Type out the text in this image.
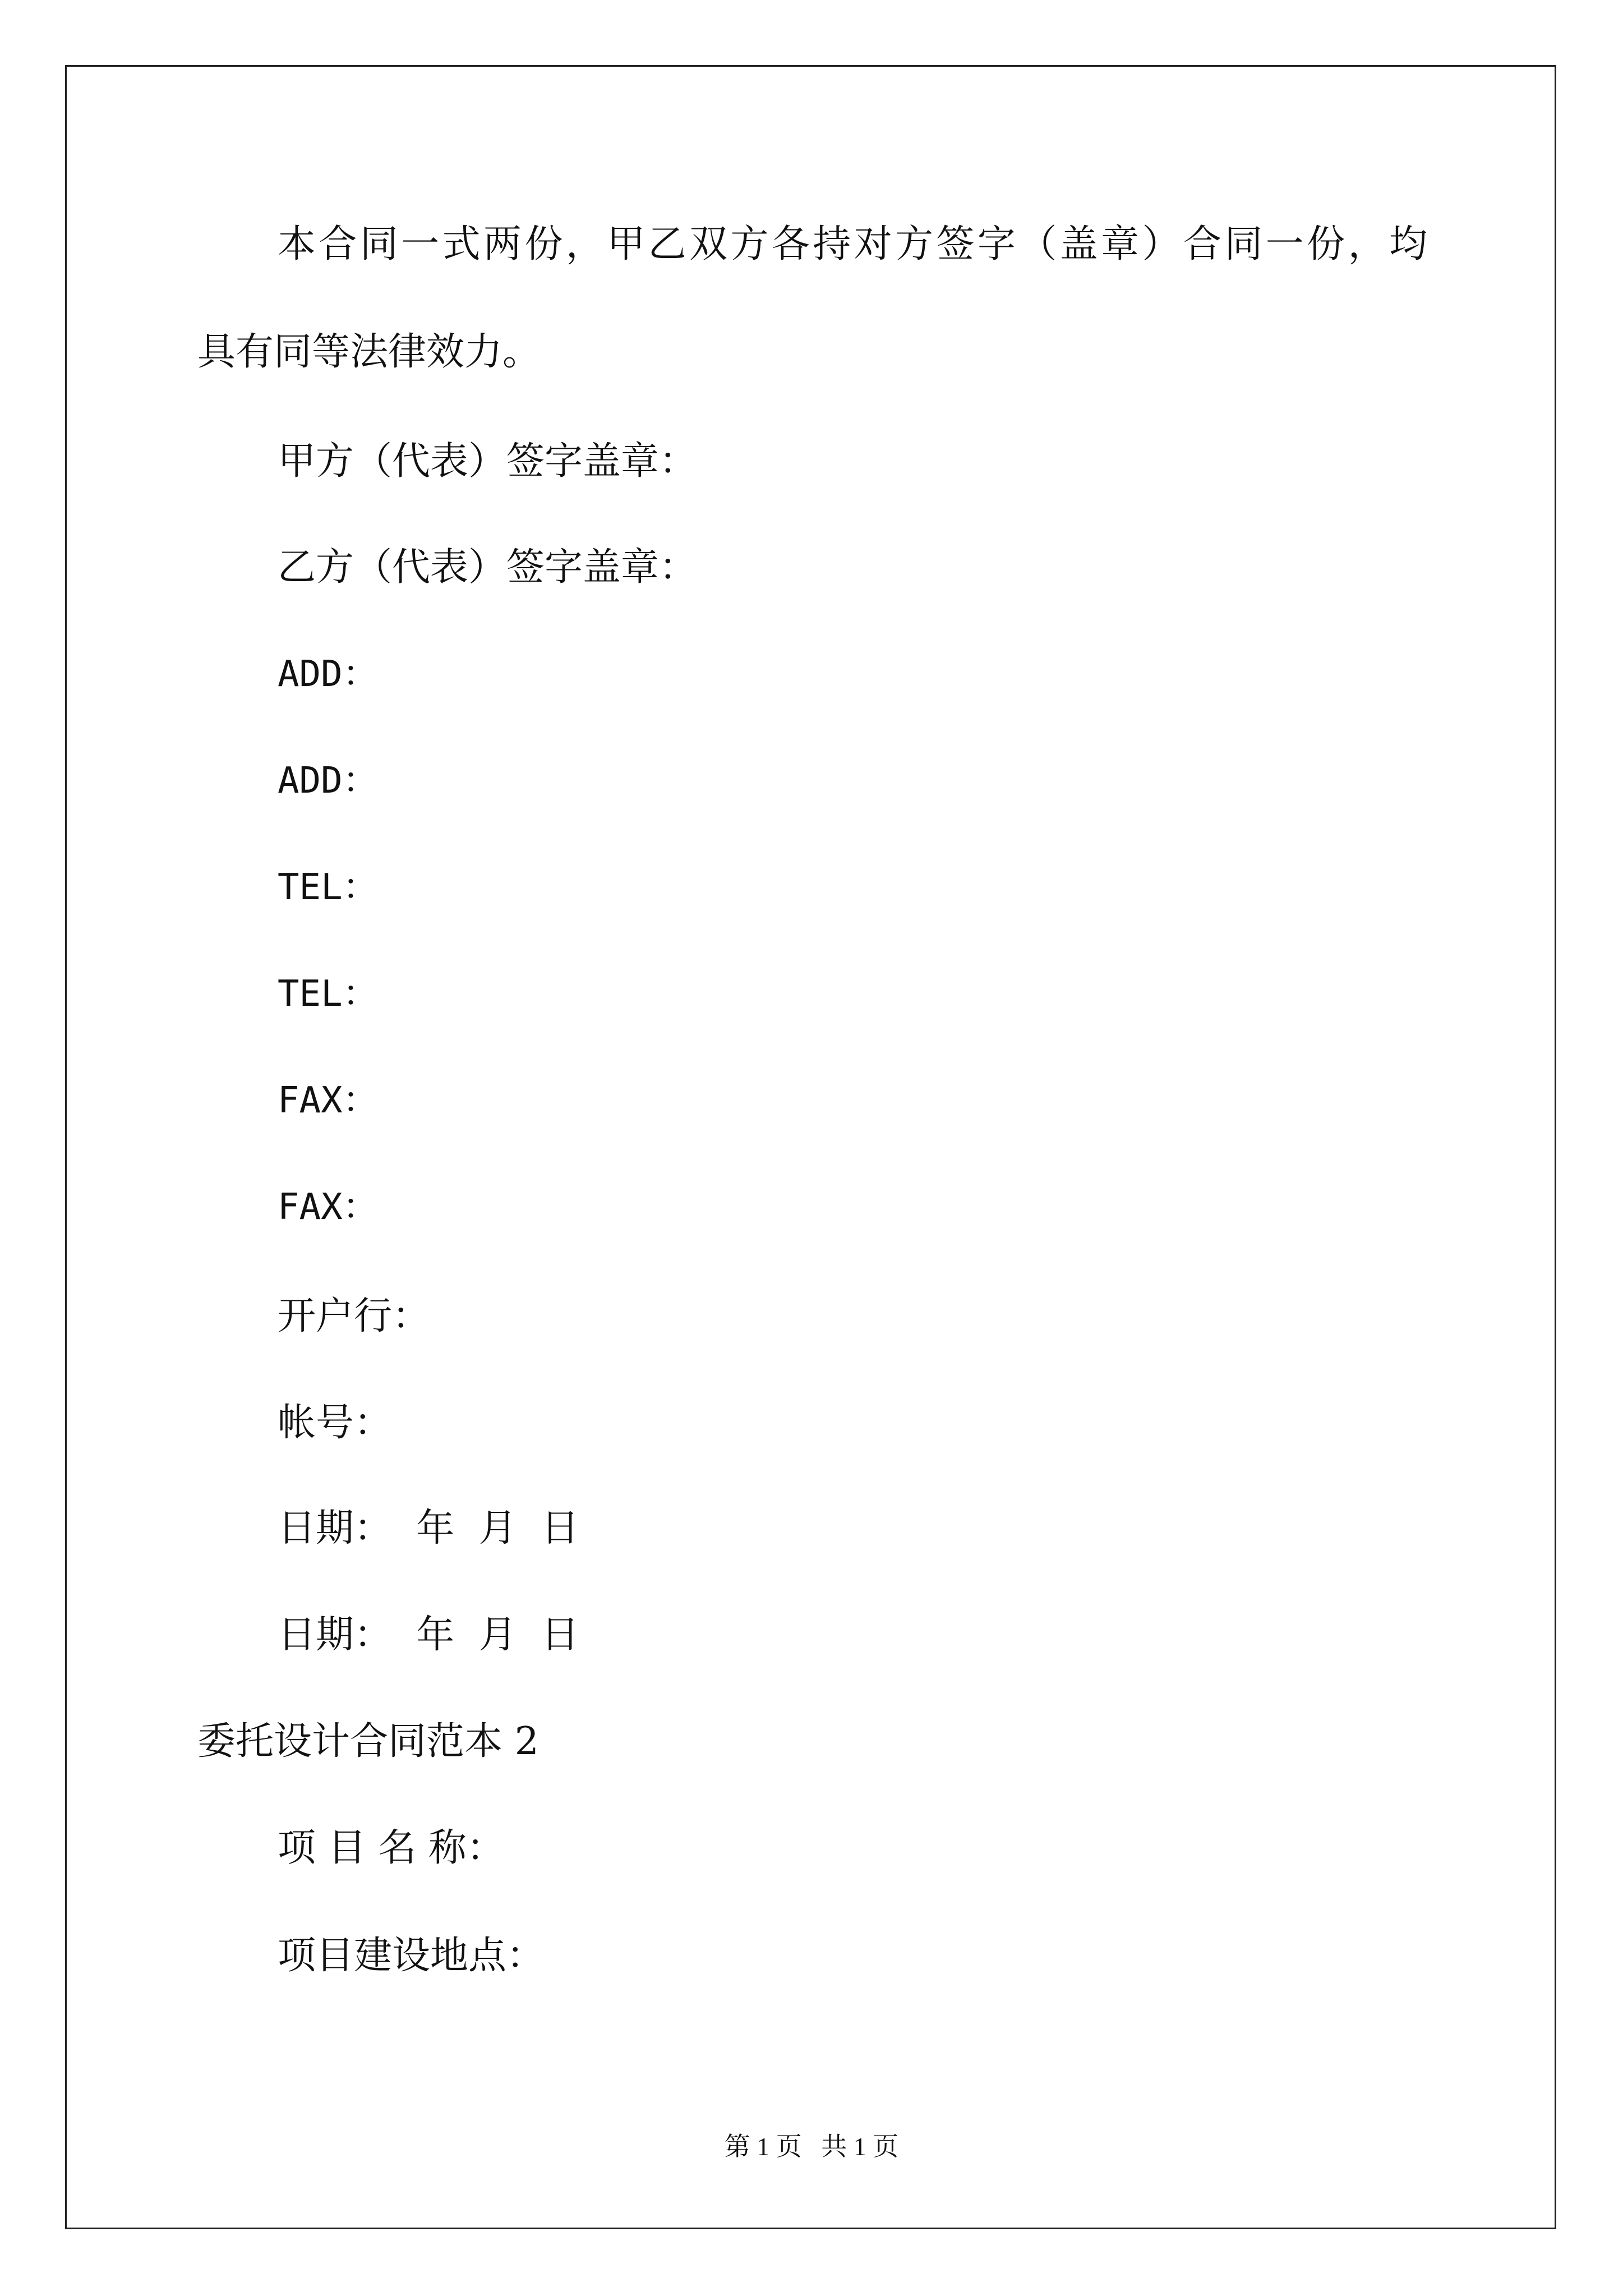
本合同一式两份，甲乙双方各持对方签字（盖章）合同一份，均

具有同等法律效力。

甲方（代表）签字盖章：

乙方（代表）签字盖章：

ADD：

ADD：

TEL：

TEL：

FAX：

FAX：

开户行：

帐号：

日期：  年  月  日

日期：  年  月  日

委托设计合同范本 2

项 目 名 称：

项目建设地点：

第 1 页   共 1 页
